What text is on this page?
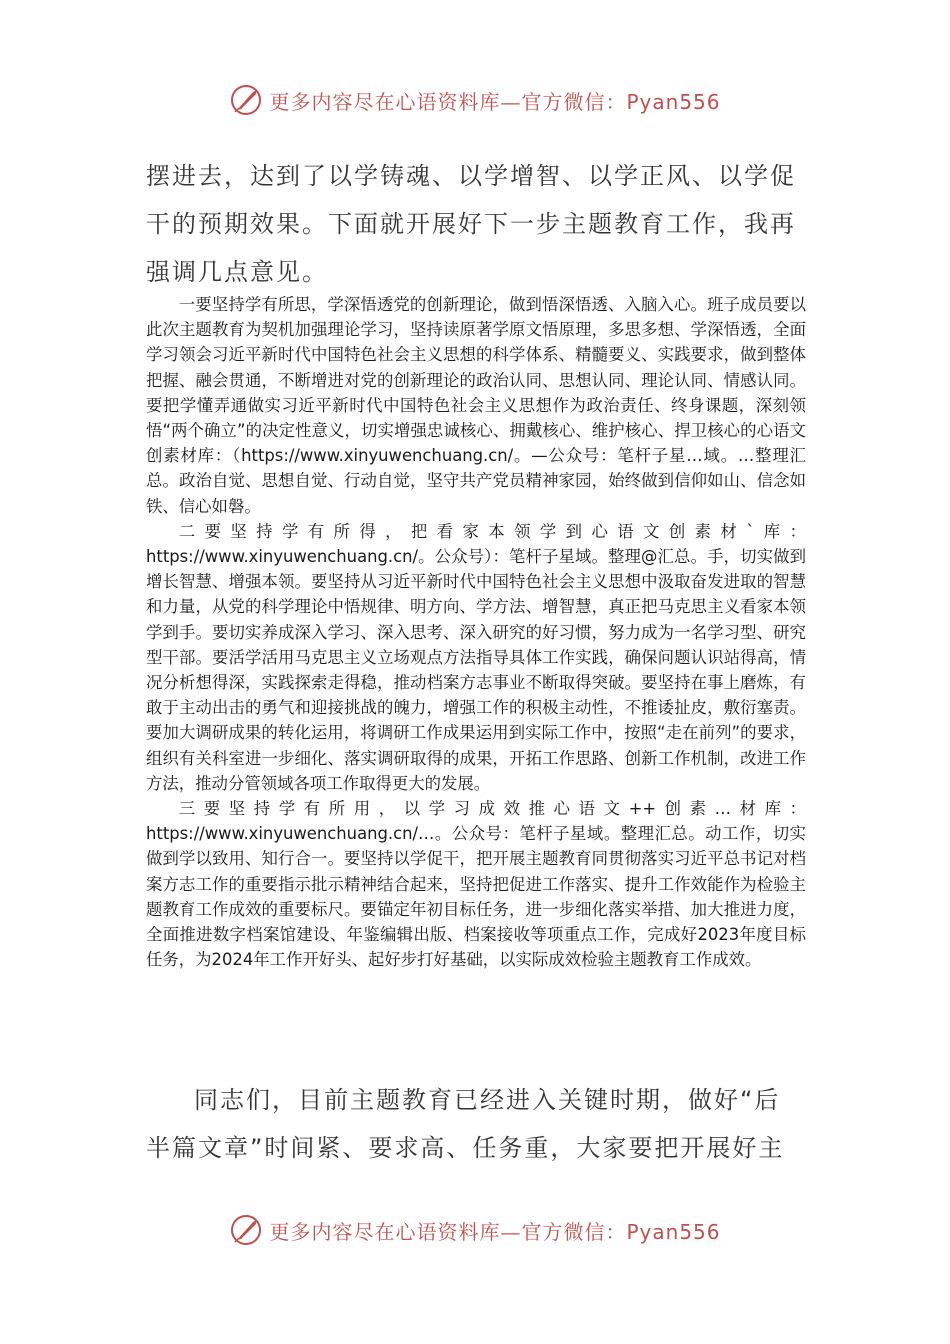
更多内容尽在心语资料库—官方微信：Pyan556

摆进去，达到了以学铸魂、以学增智、以学正风、以学促干的预期效果。下面就开展好下一步主题教育工作，我再强调几点意见。

一要坚持学有所思，学深悟透党的创新理论，做到悟深悟透、入脑入心。班子成员要以此次主题教育为契机加强理论学习，坚持读原著学原文悟原理，多思多想、学深悟透，全面学习领会习近平新时代中国特色社会主义思想的科学体系、精髓要义、实践要求，做到整体把握、融会贯通，不断增进对党的创新理论的政治认同、思想认同、理论认同、情感认同。要把学懂弄通做实习近平新时代中国特色社会主义思想作为政治责任、终身课题，深刻领悟“两个确立”的决定性意义，切实增强忠诚核心、拥戴核心、维护核心、捍卫核心的心语文创素材库：（https://www.xinyuwenchuang.cn/。—公众号：笔杆子星…域。…整理汇总。政治自觉、思想自觉、行动自觉，坚守共产党员精神家园，始终做到信仰如山、信念如铁、信心如磐。

二要坚持学有所得，把看家本领学到心语文创素材`库：https://www.xinyuwenchuang.cn/。公众号）：笔杆子星域。整理@汇总。手，切实做到增长智慧、增强本领。要坚持从习近平新时代中国特色社会主义思想中汲取奋发进取的智慧和力量，从党的科学理论中悟规律、明方向、学方法、增智慧，真正把马克思主义看家本领学到手。要切实养成深入学习、深入思考、深入研究的好习惯，努力成为一名学习型、研究型干部。要活学活用马克思主义立场观点方法指导具体工作实践，确保问题认识站得高，情况分析想得深，实践探索走得稳，推动档案方志事业不断取得突破。要坚持在事上磨炼，有敢于主动出击的勇气和迎接挑战的魄力，增强工作的积极主动性，不推诿扯皮，敷衍塞责。要加大调研成果的转化运用，将调研工作成果运用到实际工作中，按照“走在前列”的要求，组织有关科室进一步细化、落实调研取得的成果，开拓工作思路、创新工作机制，改进工作方法，推动分管领域各项工作取得更大的发展。

三要坚持学有所用，以学习成效推心语文++创素…材库：https://www.xinyuwenchuang.cn/…。公众号：笔杆子星域。整理汇总。动工作，切实做到学以致用、知行合一。要坚持以学促干，把开展主题教育同贯彻落实习近平总书记对档案方志工作的重要指示批示精神结合起来，坚持把促进工作落实、提升工作效能作为检验主题教育工作成效的重要标尺。要锚定年初目标任务，进一步细化落实举措、加大推进力度，全面推进数字档案馆建设、年鉴编辑出版、档案接收等项重点工作，完成好2023年度目标任务，为2024年工作开好头、起好步打好基础，以实际成效检验主题教育工作成效。

同志们，目前主题教育已经进入关键时期，做好“后半篇文章”时间紧、要求高、任务重，大家要把开展好主

更多内容尽在心语资料库—官方微信：Pyan556
